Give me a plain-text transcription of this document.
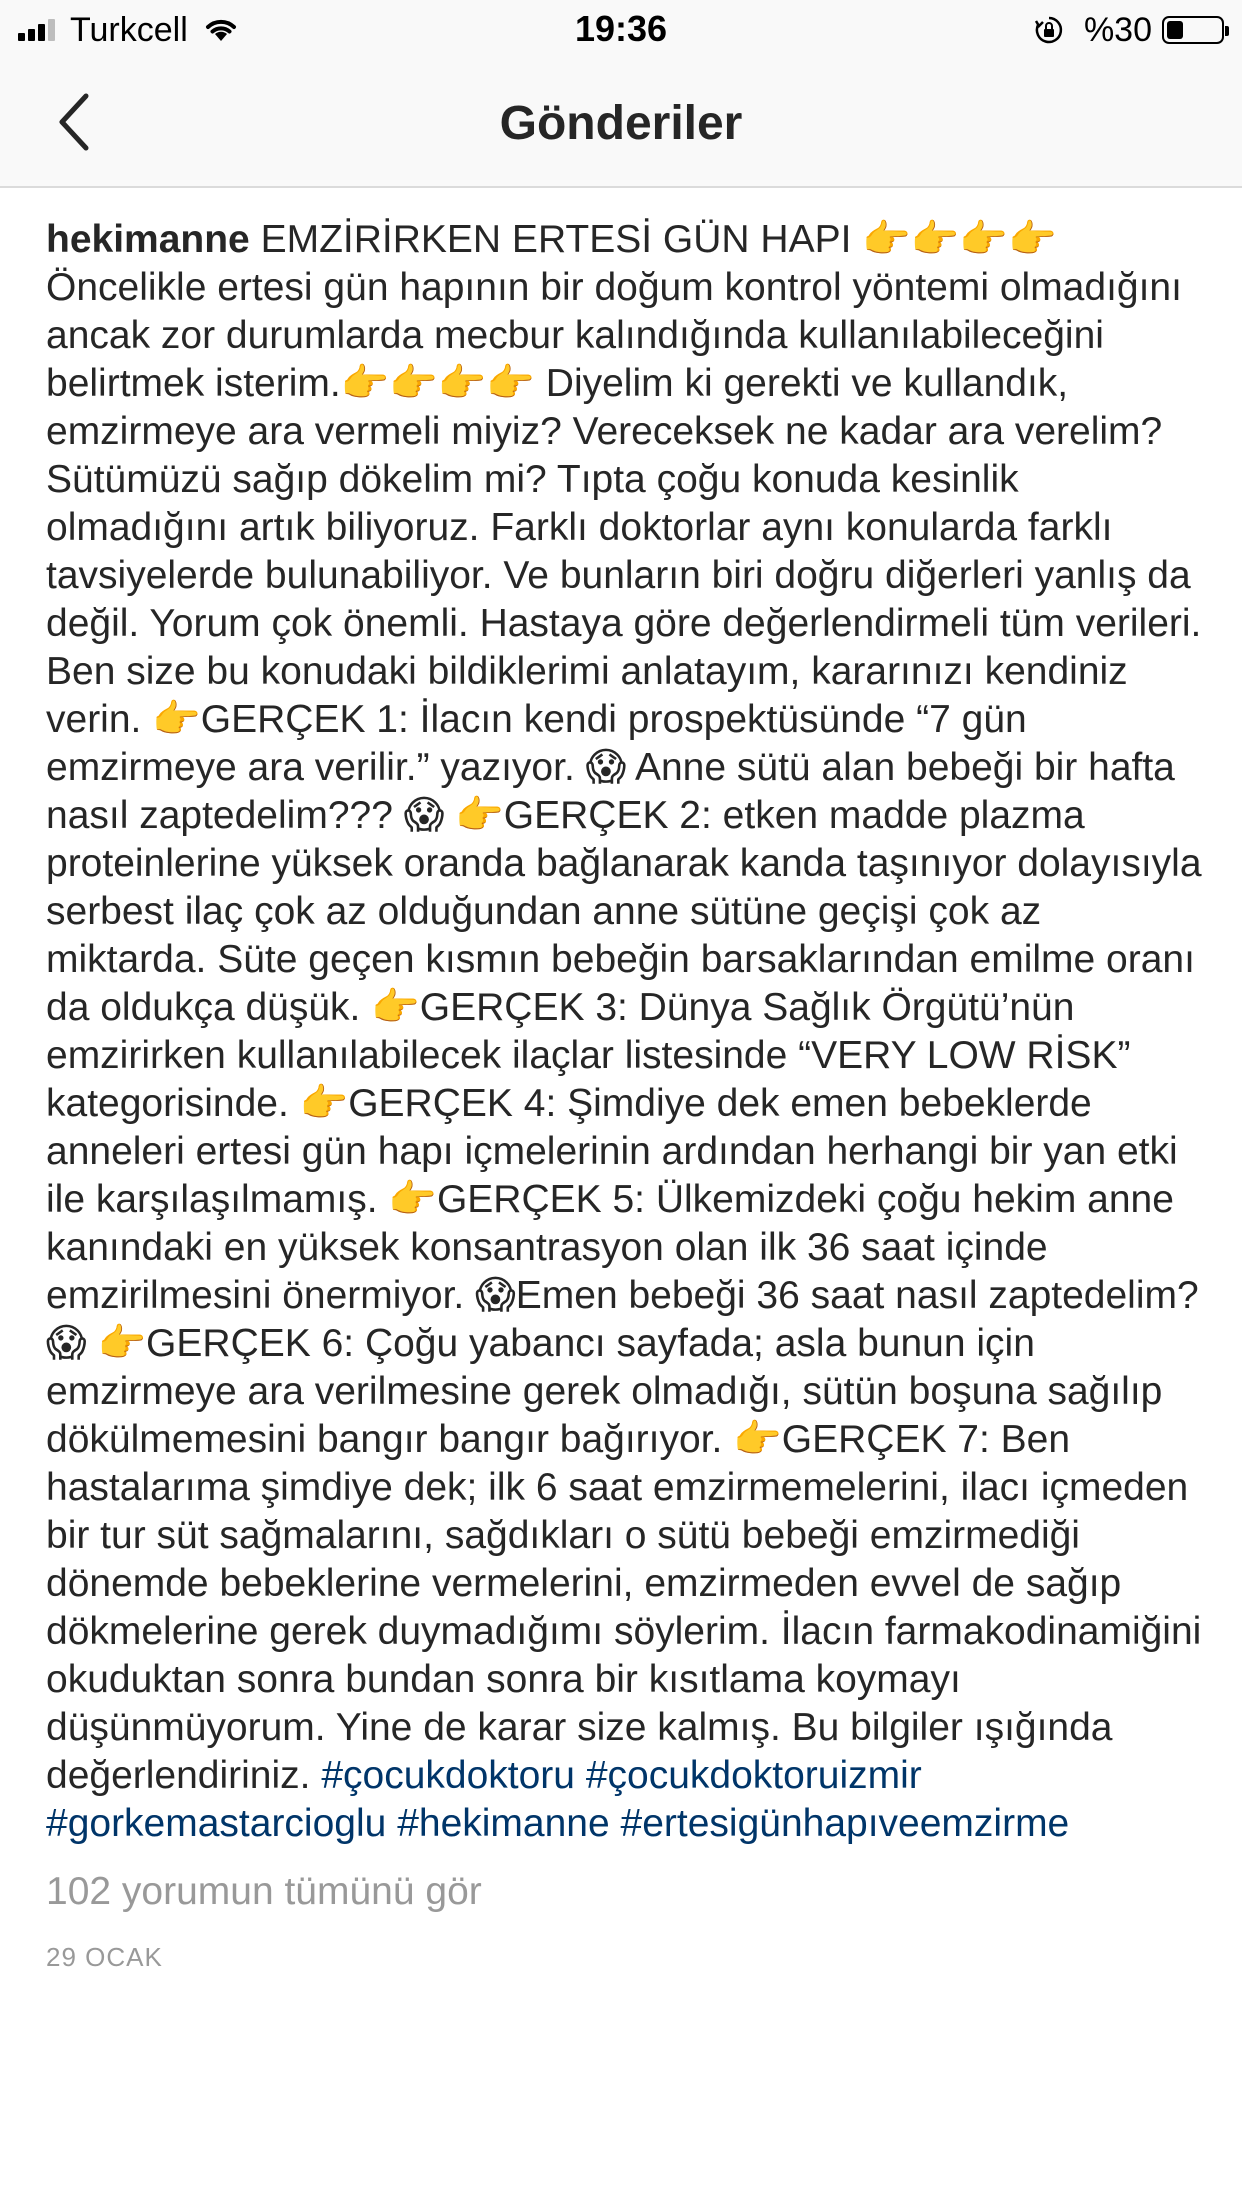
Turkcell	19:36	%30
Gönderiler

hekimanne EMZİRİRKEN ERTESİ GÜN HAPI 👉👉👉👉 Öncelikle ertesi gün hapının bir doğum kontrol yöntemi olmadığını ancak zor durumlarda mecbur kalındığında kullanılabileceğini belirtmek isterim.👉👉👉👉 Diyelim ki gerekti ve kullandık, emzirmeye ara vermeli miyiz? Vereceksek ne kadar ara verelim? Sütümüzü sağıp dökelim mi? Tıpta çoğu konuda kesinlik olmadığını artık biliyoruz. Farklı doktorlar aynı konularda farklı tavsiyelerde bulunabiliyor. Ve bunların biri doğru diğerleri yanlış da değil. Yorum çok önemli. Hastaya göre değerlendirmeli tüm verileri. Ben size bu konudaki bildiklerimi anlatayım, kararınızı kendiniz verin. 👉GERÇEK 1: İlacın kendi prospektüsünde “7 gün emzirmeye ara verilir.” yazıyor. 😱 Anne sütü alan bebeği bir hafta nasıl zaptedelim??? 😱 👉GERÇEK 2: etken madde plazma proteinlerine yüksek oranda bağlanarak kanda taşınıyor dolayısıyla serbest ilaç çok az olduğundan anne sütüne geçişi çok az miktarda. Süte geçen kısmın bebeğin barsaklarından emilme oranı da oldukça düşük. 👉GERÇEK 3: Dünya Sağlık Örgütü’nün emzirirken kullanılabilecek ilaçlar listesinde “VERY LOW RİSK” kategorisinde. 👉GERÇEK 4: Şimdiye dek emen bebeklerde anneleri ertesi gün hapı içmelerinin ardından herhangi bir yan etki ile karşılaşılmamış. 👉GERÇEK 5: Ülkemizdeki çoğu hekim anne kanındaki en yüksek konsantrasyon olan ilk 36 saat içinde emzirilmesini önermiyor. 😱Emen bebeği 36 saat nasıl zaptedelim? 😱 👉GERÇEK 6: Çoğu yabancı sayfada; asla bunun için emzirmeye ara verilmesine gerek olmadığı, sütün boşuna sağılıp dökülmemesini bangır bangır bağırıyor. 👉GERÇEK 7: Ben hastalarıma şimdiye dek; ilk 6 saat emzirmemelerini, ilacı içmeden bir tur süt sağmalarını, sağdıkları o sütü bebeği emzirmediği dönemde bebeklerine vermelerini, emzirmeden evvel de sağıp dökmelerine gerek duymadığımı söylerim. İlacın farmakodinamiğini okuduktan sonra bundan sonra bir kısıtlama koymayı düşünmüyorum. Yine de karar size kalmış. Bu bilgiler ışığında değerlendiriniz. #çocukdoktoru #çocukdoktoruizmir #gorkemastarcioglu #hekimanne #ertesigünhapıveemzirme

102 yorumun tümünü gör
29 OCAK
